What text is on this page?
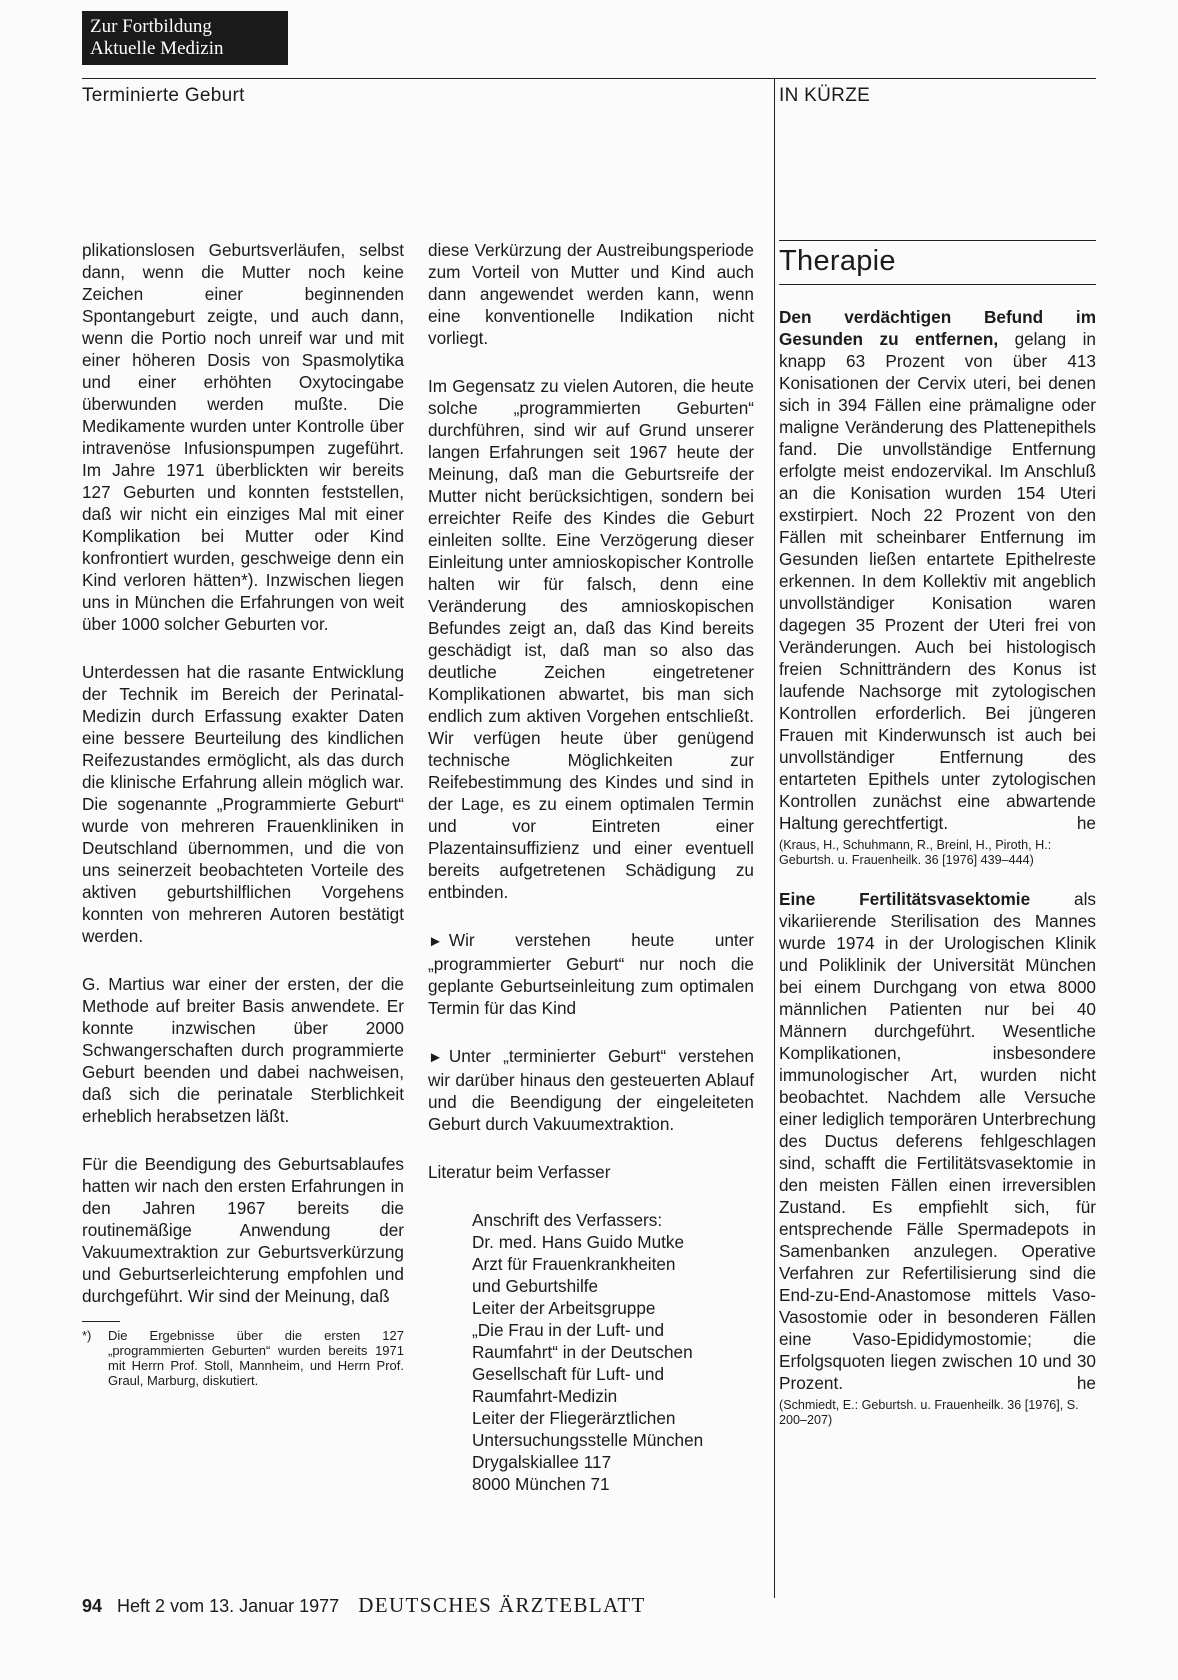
Zur Fortbildung
Aktuelle Medizin
Terminierte Geburt	IN KÜRZE

plikationslosen Geburtsverläufen, selbst dann, wenn die Mutter noch keine Zeichen einer beginnenden Spontangeburt zeigte, und auch dann, wenn die Portio noch unreif war und mit einer höheren Dosis von Spasmolytika und einer erhöhten Oxytocingabe überwunden werden mußte. Die Medikamente wurden unter Kontrolle über intravenöse Infusionspumpen zugeführt. Im Jahre 1971 überblickten wir bereits 127 Geburten und konnten feststellen, daß wir nicht ein einziges Mal mit einer Komplikation bei Mutter oder Kind konfrontiert wurden, geschweige denn ein Kind verloren hätten*). Inzwischen liegen uns in München die Erfahrungen von weit über 1000 solcher Geburten vor.

Unterdessen hat die rasante Entwicklung der Technik im Bereich der Perinatal-Medizin durch Erfassung exakter Daten eine bessere Beurteilung des kindlichen Reifezustandes ermöglicht, als das durch die klinische Erfahrung allein möglich war. Die sogenannte „Programmierte Geburt“ wurde von mehreren Frauenkliniken in Deutschland übernommen, und die von uns seinerzeit beobachteten Vorteile des aktiven geburtshilflichen Vorgehens konnten von mehreren Autoren bestätigt werden.

G. Martius war einer der ersten, der die Methode auf breiter Basis anwendete. Er konnte inzwischen über 2000 Schwangerschaften durch programmierte Geburt beenden und dabei nachweisen, daß sich die perinatale Sterblichkeit erheblich herabsetzen läßt.

Für die Beendigung des Geburtsablaufes hatten wir nach den ersten Erfahrungen in den Jahren 1967 bereits die routinemäßige Anwendung der Vakuumextraktion zur Geburtsverkürzung und Geburtserleichterung empfohlen und durchgeführt. Wir sind der Meinung, daß

*)	Die Ergebnisse über die ersten 127 „programmierten Geburten“ wurden bereits 1971 mit Herrn Prof. Stoll, Mannheim, und Herrn Prof. Graul, Marburg, diskutiert.

diese Verkürzung der Austreibungsperiode zum Vorteil von Mutter und Kind auch dann angewendet werden kann, wenn eine konventionelle Indikation nicht vorliegt.

Im Gegensatz zu vielen Autoren, die heute solche „programmierten Geburten“ durchführen, sind wir auf Grund unserer langen Erfahrungen seit 1967 heute der Meinung, daß man die Geburtsreife der Mutter nicht berücksichtigen, sondern bei erreichter Reife des Kindes die Geburt einleiten sollte. Eine Verzögerung dieser Einleitung unter amnioskopischer Kontrolle halten wir für falsch, denn eine Veränderung des amnioskopischen Befundes zeigt an, daß das Kind bereits geschädigt ist, daß man so also das deutliche Zeichen eingetretener Komplikationen abwartet, bis man sich endlich zum aktiven Vorgehen entschließt. Wir verfügen heute über genügend technische Möglichkeiten zur Reifebestimmung des Kindes und sind in der Lage, es zu einem optimalen Termin und vor Eintreten einer Plazentainsuffizienz und einer eventuell bereits aufgetretenen Schädigung zu entbinden.

► Wir verstehen heute unter „programmierter Geburt“ nur noch die geplante Geburtseinleitung zum optimalen Termin für das Kind

► Unter „terminierter Geburt“ verstehen wir darüber hinaus den gesteuerten Ablauf und die Beendigung der eingeleiteten Geburt durch Vakuumextraktion.

Literatur beim Verfasser

Anschrift des Verfassers:
Dr. med. Hans Guido Mutke
Arzt für Frauenkrankheiten
und Geburtshilfe
Leiter der Arbeitsgruppe
„Die Frau in der Luft- und
Raumfahrt“ in der Deutschen
Gesellschaft für Luft- und
Raumfahrt-Medizin
Leiter der Fliegerärztlichen
Untersuchungsstelle München
Drygalskiallee 117
8000 München 71
Therapie

Den verdächtigen Befund im Gesunden zu entfernen, gelang in knapp 63 Prozent von über 413 Konisationen der Cervix uteri, bei denen sich in 394 Fällen eine prämaligne oder maligne Veränderung des Plattenepithels fand. Die unvollständige Entfernung erfolgte meist endozervikal. Im Anschluß an die Konisation wurden 154 Uteri exstirpiert. Noch 22 Prozent von den Fällen mit scheinbarer Entfernung im Gesunden ließen entartete Epithelreste erkennen. In dem Kollektiv mit angeblich unvollständiger Konisation waren dagegen 35 Prozent der Uteri frei von Veränderungen. Auch bei histologisch freien Schnitträndern des Konus ist laufende Nachsorge mit zytologischen Kontrollen erforderlich. Bei jüngeren Frauen mit Kinderwunsch ist auch bei unvollständiger Entfernung des entarteten Epithels unter zytologischen Kontrollen zunächst eine abwartende Haltung gerechtfertigt.	he

(Kraus, H., Schuhmann, R., Breinl, H., Piroth, H.: Geburtsh. u. Frauenheilk. 36 [1976] 439–444)

Eine Fertilitätsvasektomie	als vikariierende Sterilisation des Mannes wurde 1974 in der Urologischen Klinik und Poliklinik der Universität München bei einem Durchgang von etwa 8000 männlichen Patienten nur bei 40 Männern durchgeführt. Wesentliche Komplikationen, insbesondere immunologischer Art, wurden nicht beobachtet. Nachdem alle Versuche einer lediglich temporären Unterbrechung des Ductus deferens fehlgeschlagen sind, schafft die Fertilitätsvasektomie in den meisten Fällen einen irreversiblen Zustand. Es empfiehlt sich, für entsprechende Fälle Spermadepots in Samenbanken anzulegen. Operative Verfahren zur Refertilisierung sind die End-zu-End-Anastomose mittels Vaso-Vasostomie oder in besonderen Fällen eine Vaso-Epididymostomie; die Erfolgsquoten liegen zwischen 10 und 30 Prozent.	he

(Schmiedt, E.: Geburtsh. u. Frauenheilk. 36 [1976], S. 200–207)
94 Heft 2 vom 13. Januar 1977 DEUTSCHES ÄRZTEBLATT
